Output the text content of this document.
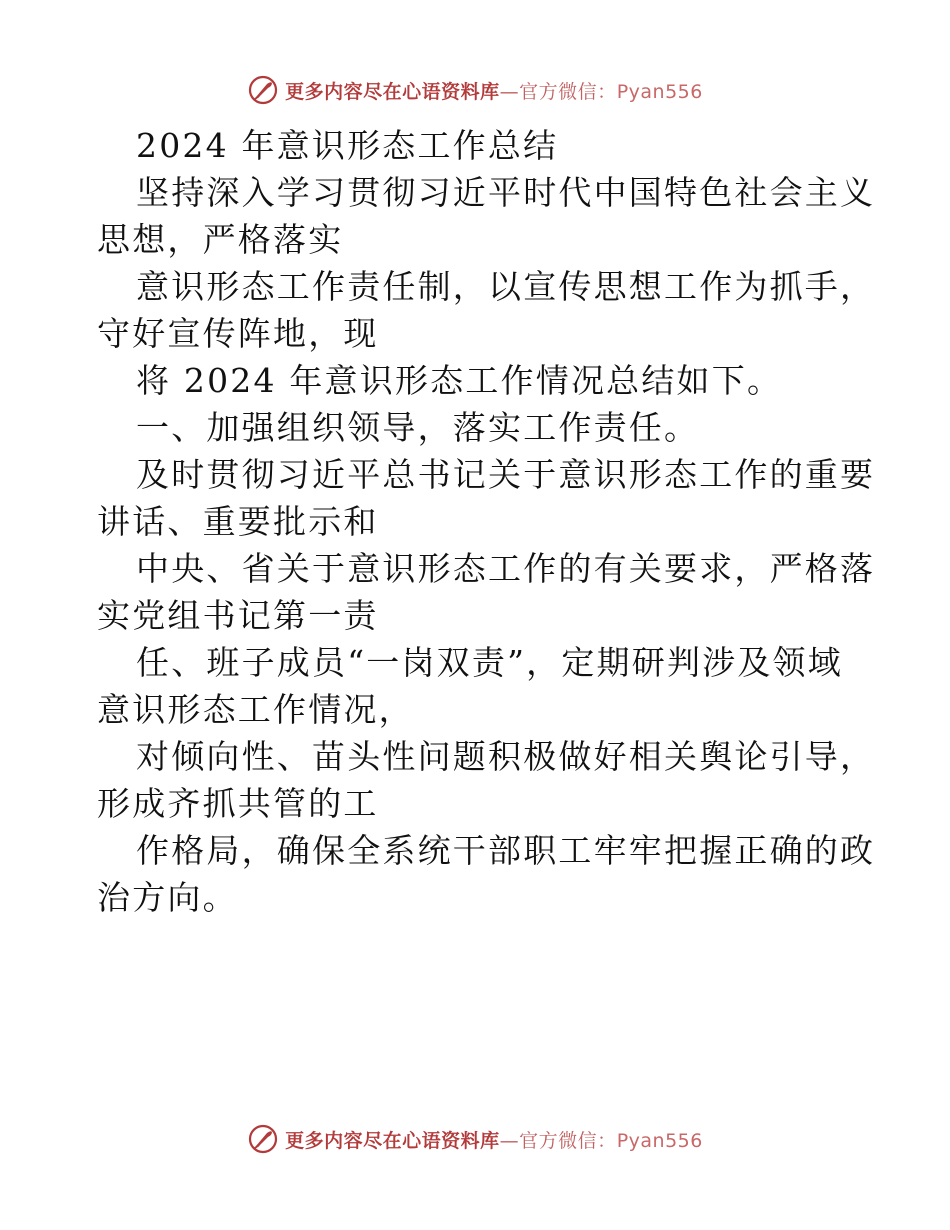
更多内容尽在心语资料库—官方微信：Pyan556

2024 年意识形态工作总结

坚持深入学习贯彻习近平时代中国特色社会主义

思想，严格落实

意识形态工作责任制，以宣传思想工作为抓手，

守好宣传阵地，现

将 2024 年意识形态工作情况总结如下。

一、加强组织领导，落实工作责任。

及时贯彻习近平总书记关于意识形态工作的重要

讲话、重要批示和

中央、省关于意识形态工作的有关要求，严格落

实党组书记第一责

任、班子成员“一岗双责”，定期研判涉及领域

意识形态工作情况，

对倾向性、苗头性问题积极做好相关舆论引导，

形成齐抓共管的工

作格局，确保全系统干部职工牢牢把握正确的政

治方向。

更多内容尽在心语资料库—官方微信：Pyan556
